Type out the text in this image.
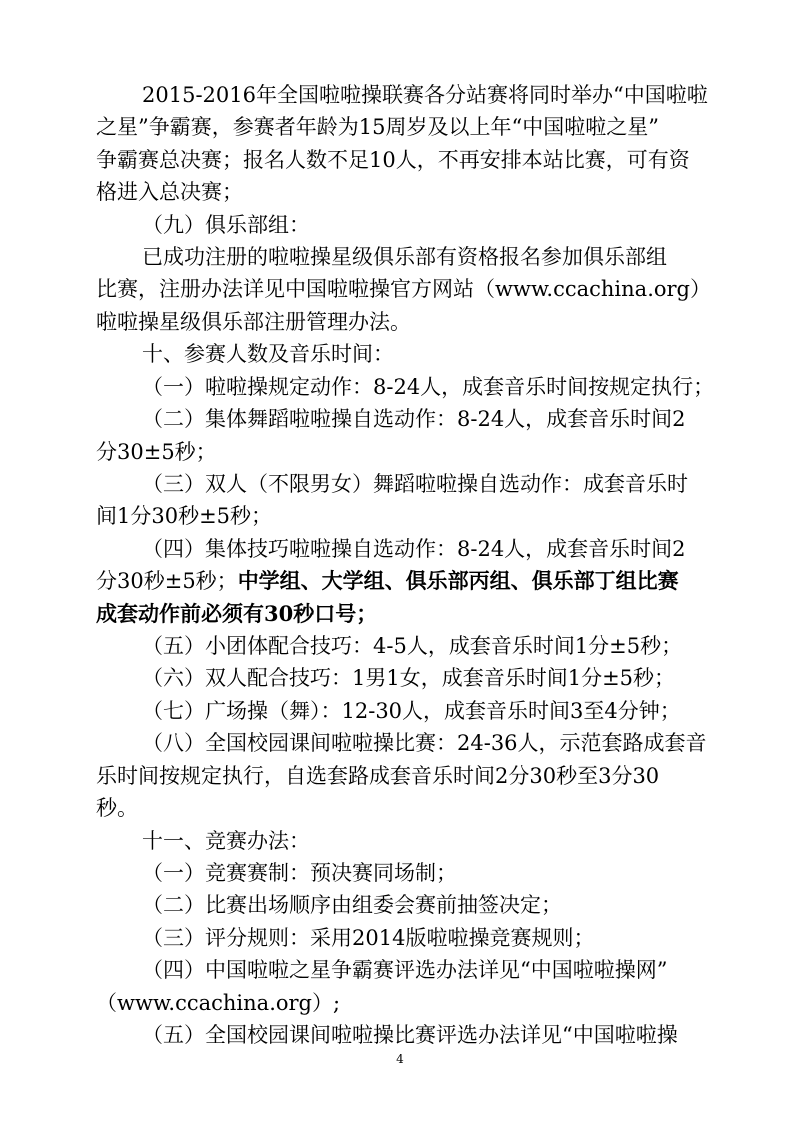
2015-2016年全国啦啦操联赛各分站赛将同时举办“中国啦啦
之星”争霸赛，参赛者年龄为15周岁及以上年“中国啦啦之星”
争霸赛总决赛；报名人数不足10人，不再安排本站比赛，可有资
格进入总决赛；
（九）俱乐部组：
已成功注册的啦啦操星级俱乐部有资格报名参加俱乐部组
比赛，注册办法详见中国啦啦操官方网站（www.ccachina.org）
啦啦操星级俱乐部注册管理办法。
十、参赛人数及音乐时间：
（一）啦啦操规定动作：8-24人，成套音乐时间按规定执行；
（二）集体舞蹈啦啦操自选动作：8-24人，成套音乐时间2
分30±5秒；
（三）双人（不限男女）舞蹈啦啦操自选动作：成套音乐时
间1分30秒±5秒；
（四）集体技巧啦啦操自选动作：8-24人，成套音乐时间2
分30秒±5秒；中学组、大学组、俱乐部丙组、俱乐部丁组比赛
成套动作前必须有30秒口号；
（五）小团体配合技巧：4-5人，成套音乐时间1分±5秒；
（六）双人配合技巧：1男1女，成套音乐时间1分±5秒；
（七）广场操（舞）：12-30人，成套音乐时间3至4分钟；
（八）全国校园课间啦啦操比赛：24-36人，示范套路成套音
乐时间按规定执行，自选套路成套音乐时间2分30秒至3分30
秒。
十一、竞赛办法：
（一）竞赛赛制：预决赛同场制；
（二）比赛出场顺序由组委会赛前抽签决定；
（三）评分规则：采用2014版啦啦操竞赛规则；
（四）中国啦啦之星争霸赛评选办法详见“中国啦啦操网”
（www.ccachina.org）;
（五）全国校园课间啦啦操比赛评选办法详见“中国啦啦操
4
